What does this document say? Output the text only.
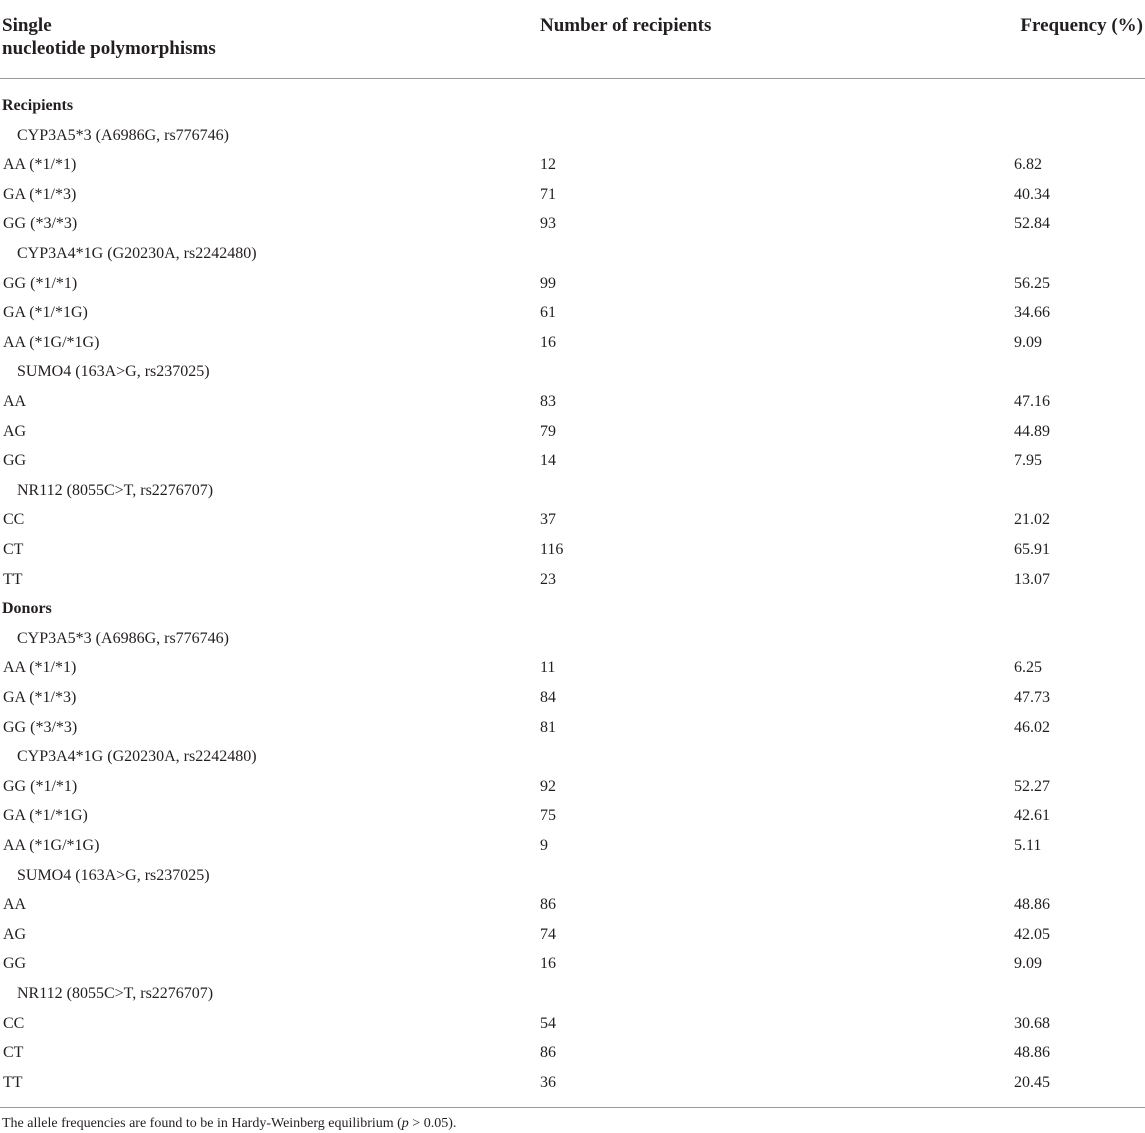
Single
nucleotide polymorphisms
Number of recipients	Frequency (%)
Recipients
CYP3A5*3 (A6986G, rs776746)
AA (*1/*1)	12	6.82
GA (*1/*3)	71	40.34
GG (*3/*3)	93	52.84
CYP3A4*1G (G20230A, rs2242480)
GG (*1/*1)	99	56.25
GA (*1/*1G)	61	34.66
AA (*1G/*1G)	16	9.09
SUMO4 (163A>G, rs237025)
AA	83	47.16
AG	79	44.89
GG	14	7.95
NR112 (8055C>T, rs2276707)
CC	37	21.02
CT	116	65.91
TT	23	13.07
Donors
CYP3A5*3 (A6986G, rs776746)
AA (*1/*1)	11	6.25
GA (*1/*3)	84	47.73
GG (*3/*3)	81	46.02
CYP3A4*1G (G20230A, rs2242480)
GG (*1/*1)	92	52.27
GA (*1/*1G)	75	42.61
AA (*1G/*1G)	9	5.11
SUMO4 (163A>G, rs237025)
AA	86	48.86
AG	74	42.05
GG	16	9.09
NR112 (8055C>T, rs2276707)
CC	54	30.68
CT	86	48.86
TT	36	20.45
The allele frequencies are found to be in Hardy-Weinberg equilibrium (p > 0.05).
